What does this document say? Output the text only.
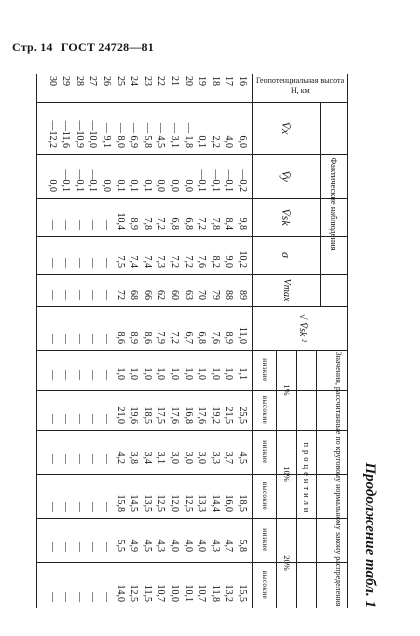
Стр. 14 ГОСТ 24728—81
Продолжение табл. 1
Геопотенциальная высота
H, км
Фактические наблюдения
V̄x
V̄y
V̄sk
σ
Vmax
√ V̄sk ²
Значения, рассчитанные по круговому нормальному закону распределения
процентили
1%
10%
20%
низкие
высокие
низкие
высокие
низкие
высокие
16
6,0
—0,2
9,8
10,2
89
11,0
1,1
25,5
4,5
18,5
5,8
15,5
17
4,0
—0,1
8,4
9,0
88
8,9
1,0
21,5
3,7
16,0
4,7
13,2
18
2,2
—0,1
7,8
8,2
79
7,6
1,0
19,2
3,3
14,4
4,3
11,8
19
0,1
—0,1
7,2
7,6
70
6,8
1,0
17,6
3,0
13,3
4,0
10,7
20
— 1,8
0,0
6,8
7,2
63
6,7
1,0
16,8
3,0
12,5
4,0
10,1
21
— 3,1
0,0
6,8
7,2
60
7,2
1,0
17,6
3,0
12,0
4,0
10,0
22
— 4,5
0,0
7,2
7,3
62
7,9
1,0
17,5
3,1
12,5
4,3
10,7
23
— 5,8
0,1
7,8
7,4
66
8,6
1,0
18,5
3,4
13,5
4,5
11,5
24
— 6,9
0,1
8,9
7,4
68
8,9
1,0
19,6
3,8
14,5
4,9
12,5
25
— 8,0
0,1
10,4
7,5
72
8,6
1,0
21,0
4,2
15,8
5,5
14,0
26
— 9,1
0,0
—
—
—
—
—
—
—
—
—
—
27
—10,0
—0,1
—
—
—
—
—
—
—
—
—
—
28
—10,9
—0,1
—
—
—
—
—
—
—
—
—
—
29
—11,6
—0,1
—
—
—
—
—
—
—
—
—
—
30
—12,2
0,0
—
—
—
—
—
—
—
—
—
—
